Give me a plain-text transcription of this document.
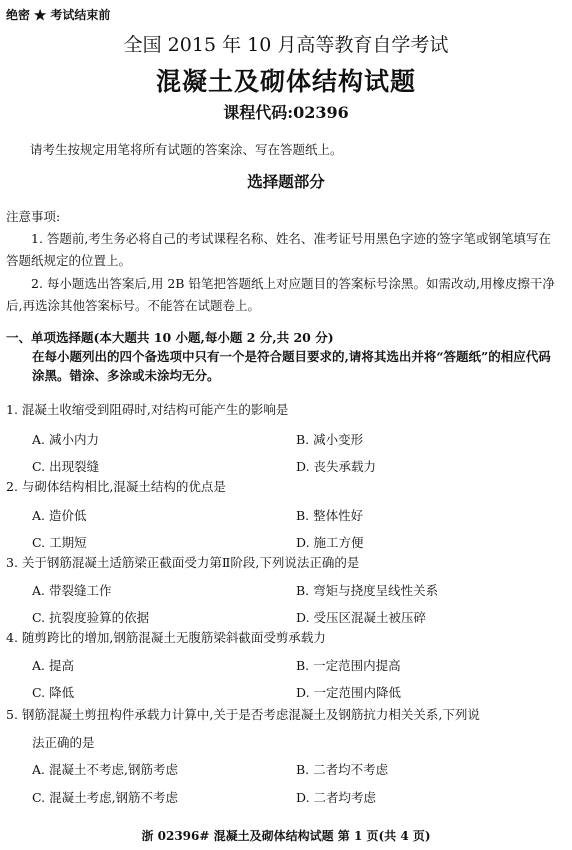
绝密 ★ 考试结束前
全国 2015 年 10 月高等教育自学考试
混凝土及砌体结构试题
课程代码:02396
请考生按规定用笔将所有试题的答案涂、写在答题纸上。
选择题部分
注意事项:
1. 答题前,考生务必将自己的考试课程名称、姓名、准考证号用黑色字迹的签字笔或钢笔填写在答题纸规定的位置上。
2. 每小题选出答案后,用 2B 铅笔把答题纸上对应题目的答案标号涂黑。如需改动,用橡皮擦干净后,再选涂其他答案标号。不能答在试题卷上。
一、单项选择题(本大题共 10 小题,每小题 2 分,共 20 分)
在每小题列出的四个备选项中只有一个是符合题目要求的,请将其选出并将“答题纸”的相应代码涂黑。错涂、多涂或未涂均无分。
1. 混凝土收缩受到阻碍时,对结构可能产生的影响是
A. 减小内力	B. 减小变形
C. 出现裂缝	D. 丧失承载力
2. 与砌体结构相比,混凝土结构的优点是
A. 造价低	B. 整体性好
C. 工期短	D. 施工方便
3. 关于钢筋混凝土适筋梁正截面受力第Ⅱ阶段,下列说法正确的是
A. 带裂缝工作	B. 弯矩与挠度呈线性关系
C. 抗裂度验算的依据	D. 受压区混凝土被压碎
4. 随剪跨比的增加,钢筋混凝土无腹筋梁斜截面受剪承载力
A. 提高	B. 一定范围内提高
C. 降低	D. 一定范围内降低
5. 钢筋混凝土剪扭构件承载力计算中,关于是否考虑混凝土及钢筋抗力相关关系,下列说
法正确的是
A. 混凝土不考虑,钢筋考虑	B. 二者均不考虑
C. 混凝土考虑,钢筋不考虑	D. 二者均考虑
浙 02396# 混凝土及砌体结构试题 第 1 页(共 4 页)
